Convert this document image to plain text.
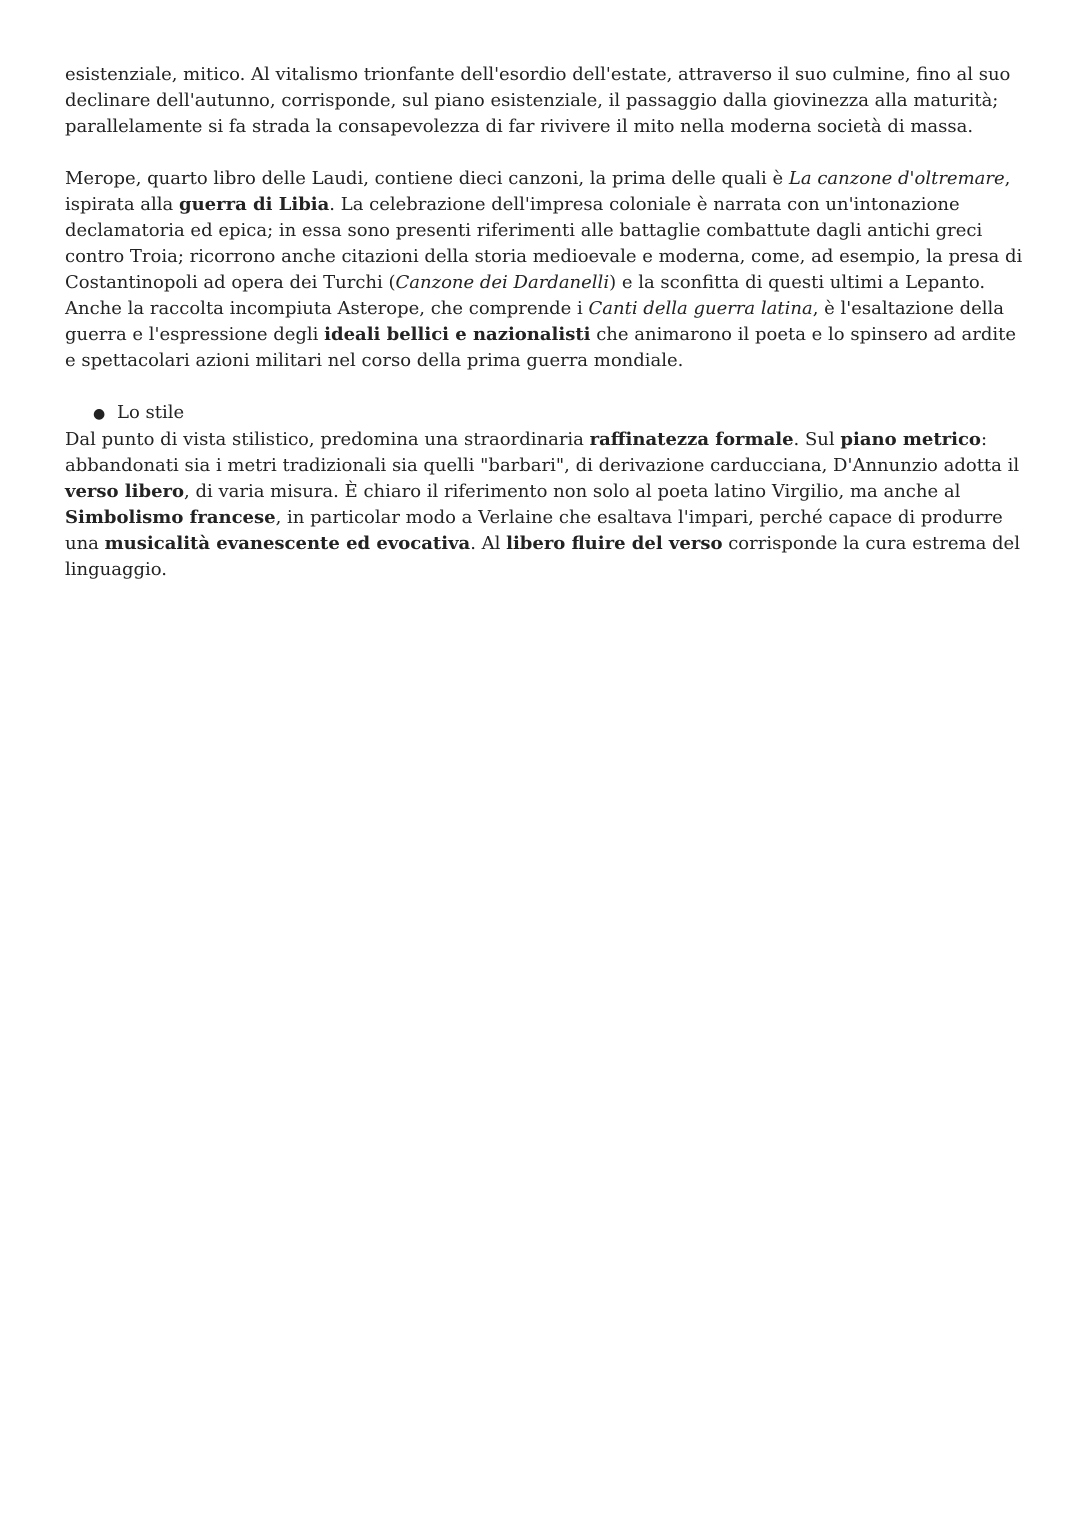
esistenziale, mitico. Al vitalismo trionfante dell'esordio dell'estate, attraverso il suo culmine, fino al suo declinare dell'autunno, corrisponde, sul piano esistenziale, il passaggio dalla giovinezza alla maturità; parallelamente si fa strada la consapevolezza di far rivivere il mito nella moderna società di massa.

Merope, quarto libro delle Laudi, contiene dieci canzoni, la prima delle quali è La canzone d'oltremare, ispirata alla guerra di Libia. La celebrazione dell'impresa coloniale è narrata con un'intonazione declamatoria ed epica; in essa sono presenti riferimenti alle battaglie combattute dagli antichi greci contro Troia; ricorrono anche citazioni della storia medioevale e moderna, come, ad esempio, la presa di Costantinopoli ad opera dei Turchi (Canzone dei Dardanelli) e la sconfitta di questi ultimi a Lepanto. Anche la raccolta incompiuta Asterope, che comprende i Canti della guerra latina, è l'esaltazione della guerra e l'espressione degli ideali bellici e nazionalisti che animarono il poeta e lo spinsero ad ardite e spettacolari azioni militari nel corso della prima guerra mondiale.

● Lo stile

Dal punto di vista stilistico, predomina una straordinaria raffinatezza formale. Sul piano metrico: abbandonati sia i metri tradizionali sia quelli "barbari", di derivazione carducciana, D'Annunzio adotta il verso libero, di varia misura. È chiaro il riferimento non solo al poeta latino Virgilio, ma anche al Simbolismo francese, in particolar modo a Verlaine che esaltava l'impari, perché capace di produrre una musicalità evanescente ed evocativa. Al libero fluire del verso corrisponde la cura estrema del linguaggio.
